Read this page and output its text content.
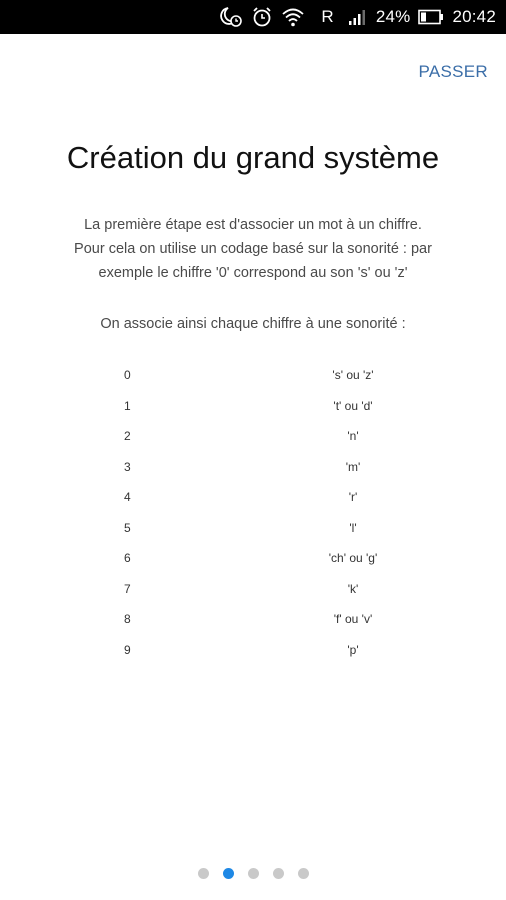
R 24% 20:42
PASSER
Création du grand système

La première étape est d'associer un mot à un chiffre.

Pour cela on utilise un codage basé sur la sonorité : par

exemple le chiffre '0' correspond au son 's' ou 'z'

On associe ainsi chaque chiffre à une sonorité :
0	's' ou 'z'
1	't' ou 'd'
2	'n'
3	'm'
4	'r'
5	'l'
6	'ch' ou 'g'
7	'k'
8	'f' ou 'v'
9	'p'
